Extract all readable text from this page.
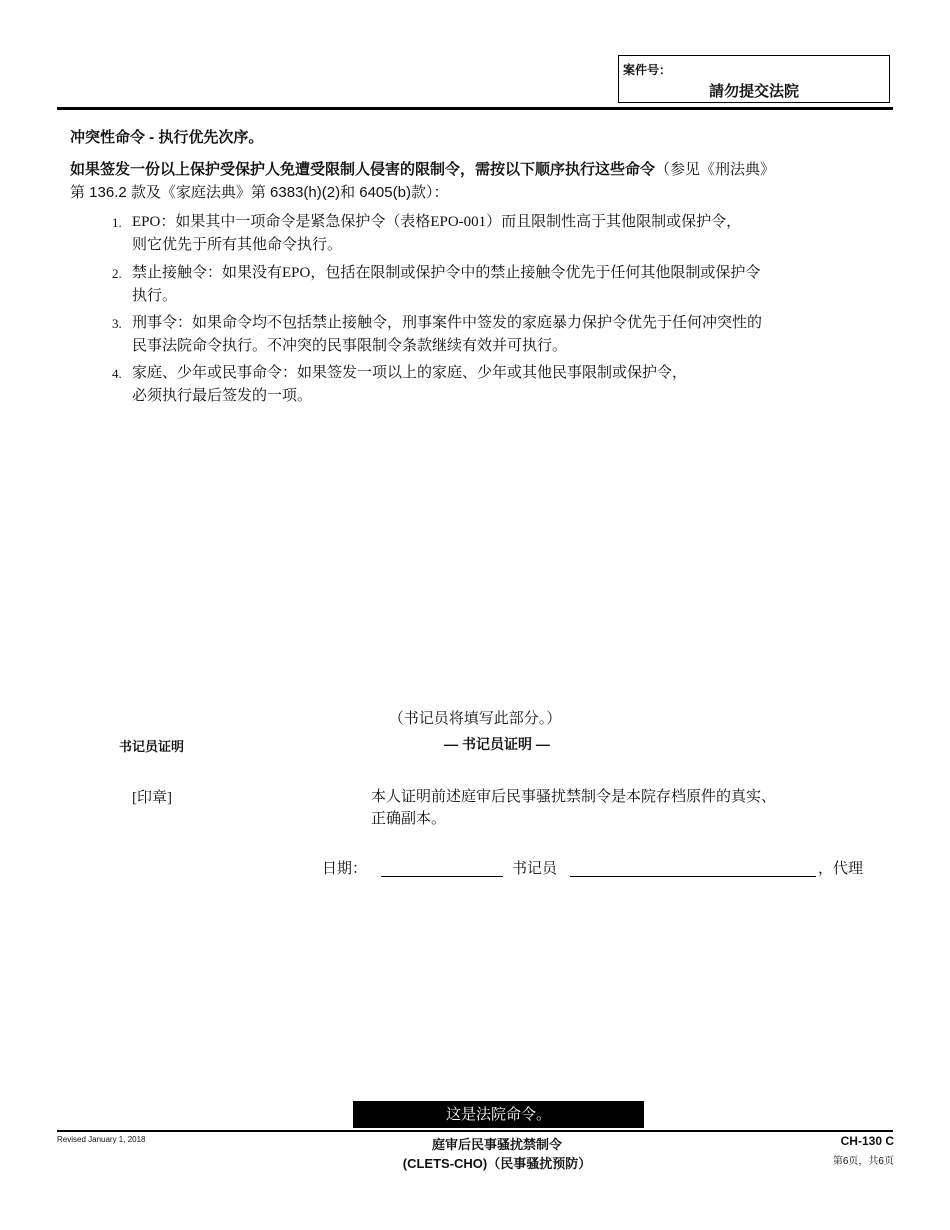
案件号：
請勿提交法院
冲突性命令 - 执行优先次序。
如果签发一份以上保护受保护人免遭受限制人侵害的限制令，需按以下顺序执行这些命令（参见《刑法典》
第 136.2 款及《家庭法典》第 6383(h)(2)和 6405(b)款）：
1. EPO：如果其中一项命令是紧急保护令（表格EPO-001）而且限制性高于其他限制或保护令，
则它优先于所有其他命令执行。
2. 禁止接触令：如果没有EPO，包括在限制或保护令中的禁止接触令优先于任何其他限制或保护令
执行。
3. 刑事令：如果命令均不包括禁止接触令，刑事案件中签发的家庭暴力保护令优先于任何冲突性的
民事法院命令执行。不冲突的民事限制令条款继续有效并可执行。
4. 家庭、少年或民事命令：如果签发一项以上的家庭、少年或其他民事限制或保护令，
必须执行最后签发的一项。
（书记员将填写此部分。）
书记员证明	— 书记员证明 —
[印章]	本人证明前述庭审后民事骚扰禁制令是本院存档原件的真实、
正确副本。
日期：	书记员	，代理
这是法院命令。
Revised January 1, 2018	庭审后民事骚扰禁制令
(CLETS-CHO)（民事骚扰预防）
CH-130 C
第6页，共6页
